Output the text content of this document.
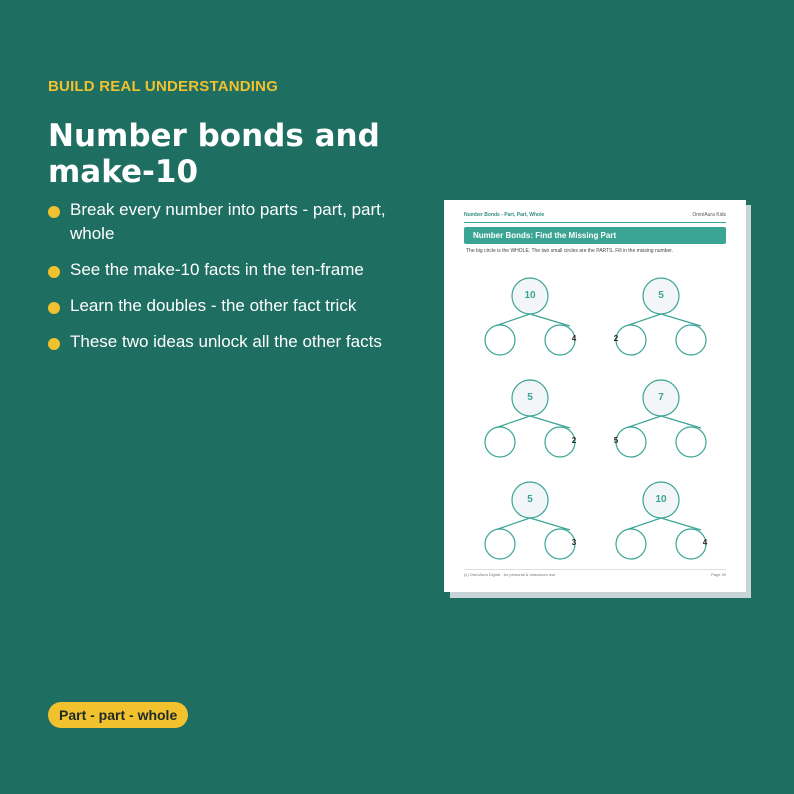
BUILD REAL UNDERSTANDING
Number bonds and make-10
Break every number into parts - part, part, whole
See the make-10 facts in the ten-frame
Learn the doubles - the other fact trick
These two ideas unlock all the other facts
Number Bonds - Part, Part, Whole	OmniAura Kids
Number Bonds: Find the Missing Part
The big circle is the WHOLE. The two small circles are the PARTS. Fill in the missing number.
(c) OmniAura Digital - for personal & classroom use	Page 30
10
4
5
2
5
2
7
5
5
3
10
4
Part - part - whole
